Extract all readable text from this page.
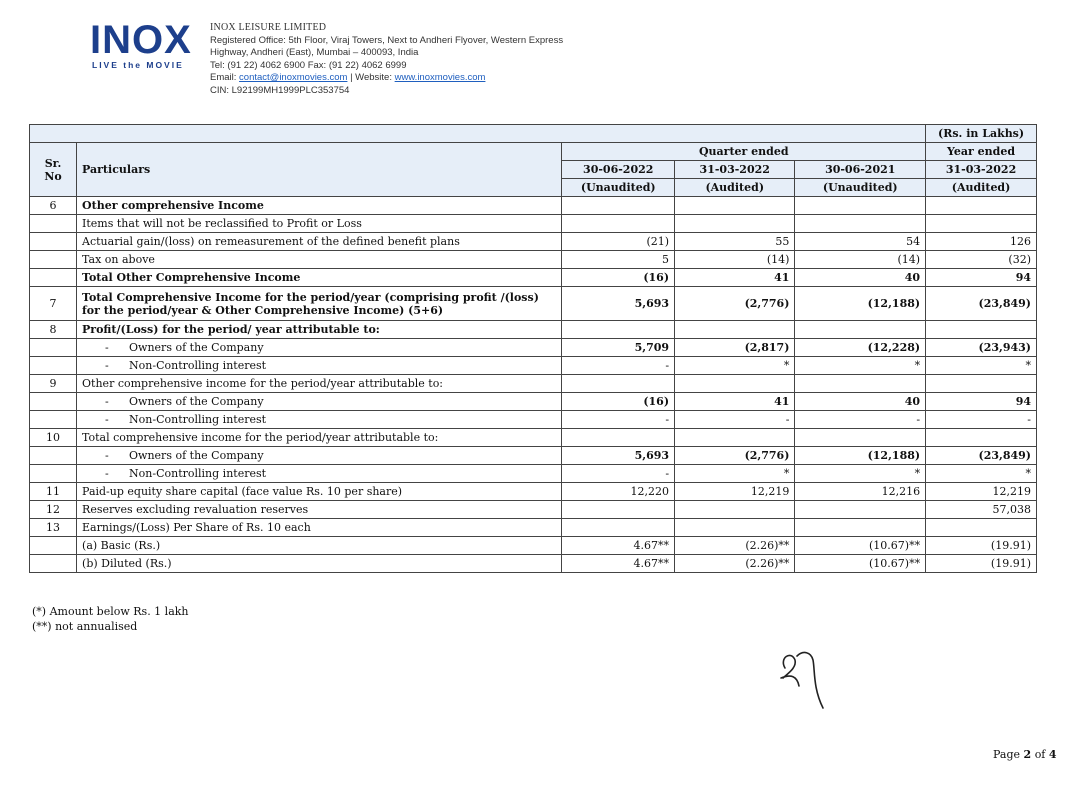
INOX
LIVE the MOVIE
INOX LEISURE LIMITED
Registered Office: 5th Floor, Viraj Towers, Next to Andheri Flyover, Western Express
Highway, Andheri (East), Mumbai – 400093, India
Tel: (91 22) 4062 6900 Fax: (91 22) 4062 6999
Email: contact@inoxmovies.com | Website: www.inoxmovies.com
CIN: L92199MH1999PLC353754
					(Rs. in Lakhs)
Sr. No	Particulars	Quarter ended			Year ended
		30-06-2022	31-03-2022	30-06-2021	31-03-2022
		(Unaudited)	(Audited)	(Unaudited)	(Audited)
6	Other comprehensive Income				
	Items that will not be reclassified to Profit or Loss				
	Actuarial gain/(loss) on remeasurement of the defined benefit plans	(21)	55	54	126
	Tax on above	5	(14)	(14)	(32)
	Total Other Comprehensive Income	(16)	41	40	94
7	Total Comprehensive Income for the period/year (comprising profit /(loss) for the period/year & Other Comprehensive Income) (5+6)	5,693	(2,776)	(12,188)	(23,849)
8	Profit/(Loss) for the period/ year attributable to:				
	- Owners of the Company	5,709	(2,817)	(12,228)	(23,943)
	- Non-Controlling interest	-	*	*	*
9	Other comprehensive income for the period/year attributable to:				
	- Owners of the Company	(16)	41	40	94
	- Non-Controlling interest	-	-	-	-
10	Total comprehensive income for the period/year attributable to:				
	- Owners of the Company	5,693	(2,776)	(12,188)	(23,849)
	- Non-Controlling interest	-	*	*	*
11	Paid-up equity share capital (face value Rs. 10 per share)	12,220	12,219	12,216	12,219
12	Reserves excluding revaluation reserves				57,038
13	Earnings/(Loss) Per Share of Rs. 10 each				
	(a) Basic (Rs.)	4.67**	(2.26)**	(10.67)**	(19.91)
	(b) Diluted (Rs.)	4.67**	(2.26)**	(10.67)**	(19.91)
(*) Amount below Rs. 1 lakh
(**) not annualised
Page 2 of 4
